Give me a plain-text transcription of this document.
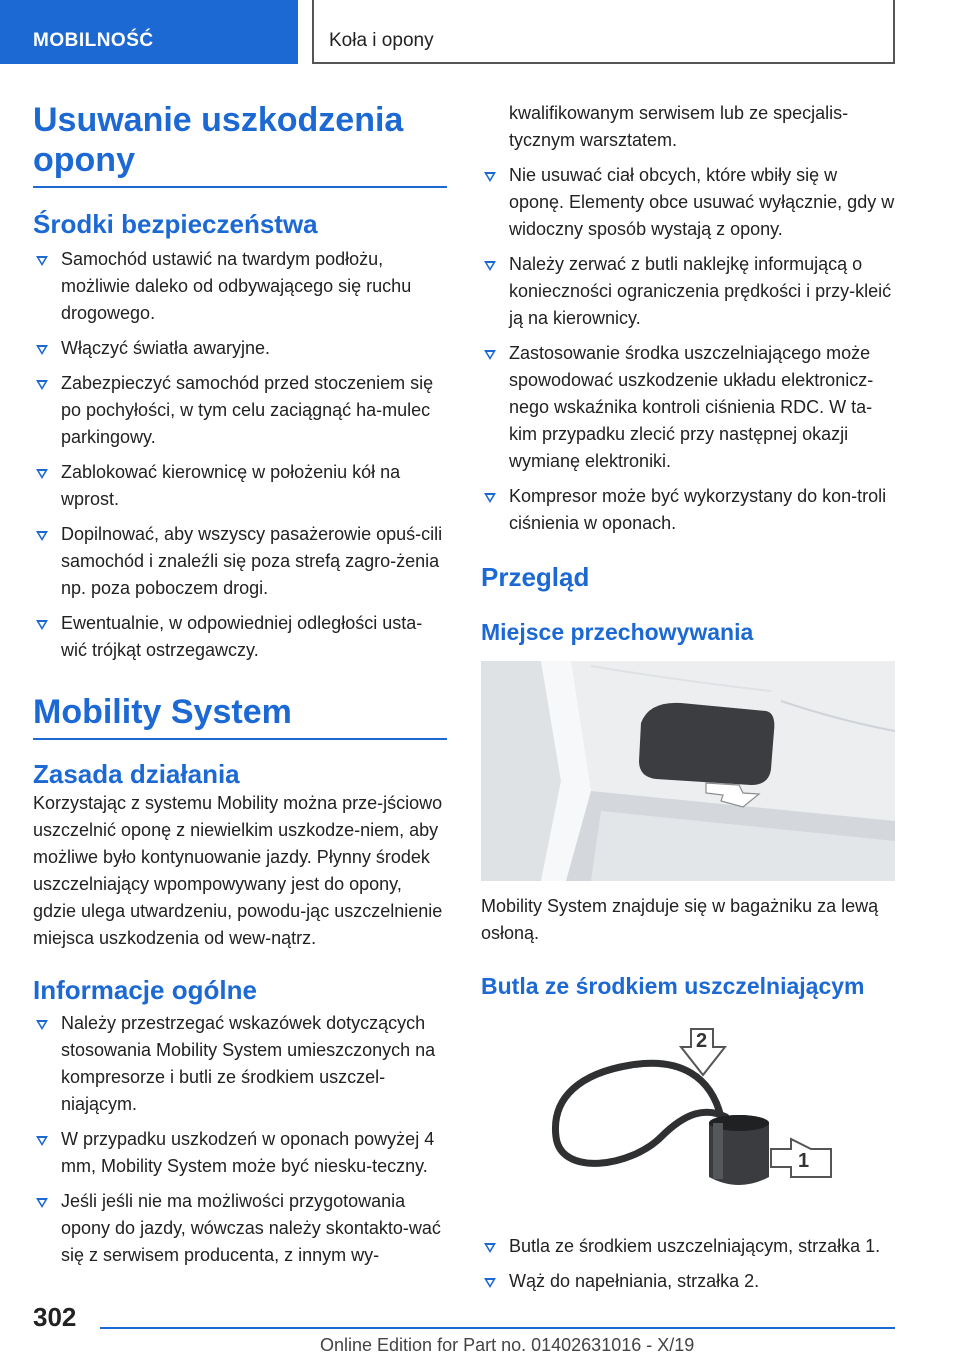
MOBILNOŚĆ	Koła i opony
Usuwanie uszkodzenia opony
Środki bezpieczeństwa
Samochód ustawić na twardym podłożu, możliwie daleko od odbywającego się ruchu drogowego.
Włączyć światła awaryjne.
Zabezpieczyć samochód przed stoczeniem się po pochyłości, w tym celu zaciągnąć ha-mulec parkingowy.
Zablokować kierownicę w położeniu kół na wprost.
Dopilnować, aby wszyscy pasażerowie opuś-cili samochód i znaleźli się poza strefą zagro-żenia np. poza poboczem drogi.
Ewentualnie, w odpowiedniej odległości usta-wić trójkąt ostrzegawczy.
Mobility System
Zasada działania

Korzystając z systemu Mobility można prze-jściowo uszczelnić oponę z niewielkim uszkodze-niem, aby możliwe było kontynuowanie jazdy. Płynny środek uszczelniający wpompowywany jest do opony, gdzie ulega utwardzeniu, powodu-jąc uszczelnienie miejsca uszkodzenia od wew-nątrz.

Informacje ogólne
Należy przestrzegać wskazówek dotyczących stosowania Mobility System umieszczonych na kompresorze i butli ze środkiem uszczel-niającym.
W przypadku uszkodzeń w oponach powyżej 4 mm, Mobility System może być niesku-teczny.
Jeśli jeśli nie ma możliwości przygotowania opony do jazdy, wówczas należy skontakto-wać się z serwisem producenta, z innym wy-

kwalifikowanym serwisem lub ze specjalis-tycznym warsztatem.

Nie usuwać ciał obcych, które wbiły się w oponę. Elementy obce usuwać wyłącznie, gdy w widoczny sposób wystają z opony.
Należy zerwać z butli naklejkę informującą o konieczności ograniczenia prędkości i przy-kleić ją na kierownicy.
Zastosowanie środka uszczelniającego może spowodować uszkodzenie układu elektronicz-nego wskaźnika kontroli ciśnienia RDC. W ta-kim przypadku zlecić przy następnej okazji wymianę elektroniki.
Kompresor może być wykorzystany do kon-troli ciśnienia w oponach.
Przegląd
Miejsce przechowywania

Mobility System znajduje się w bagażniku za lewą osłoną.

Butla ze środkiem uszczelniającym
2
1
Butla ze środkiem uszczelniającym, strzałka 1.
Wąż do napełniania, strzałka 2.
302
Online Edition for Part no. 01402631016 - X/19
